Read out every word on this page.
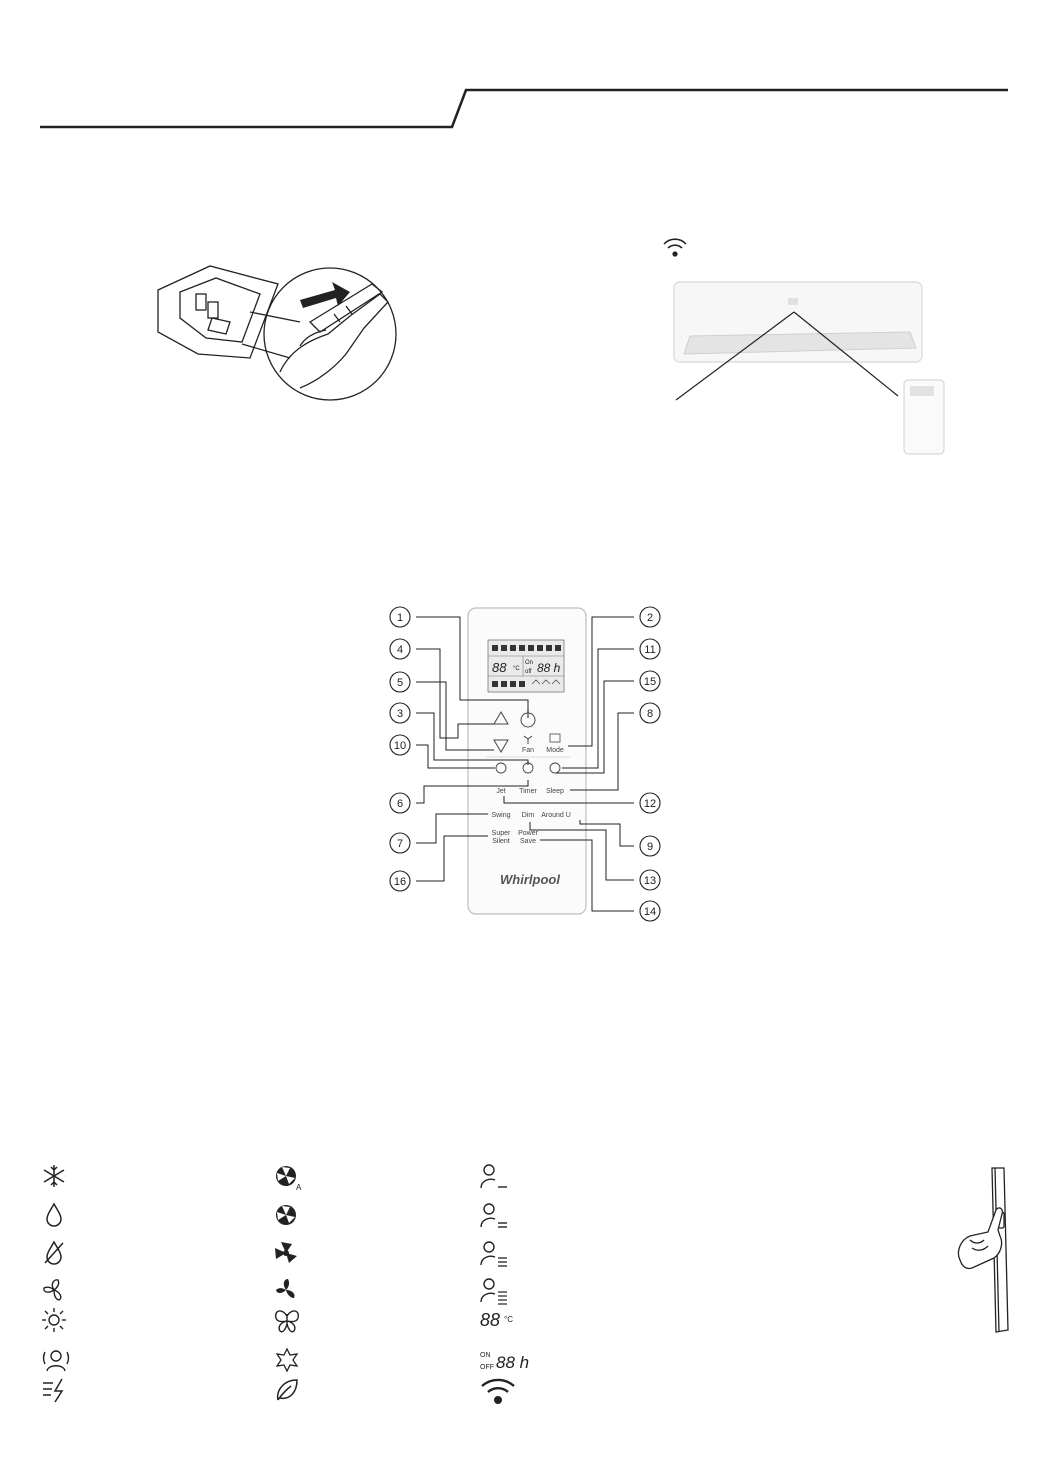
88 °C
On
off 88 h
Fan Mode
Timer Sleep
Jet
Swing Dim Around U
Super
Silent
Power
Save
Whirlpool
1	2
4	11
5	15
3	8
10
6	12
7	9
16	13
14
A
88 °C
ON
OFF 88 h
